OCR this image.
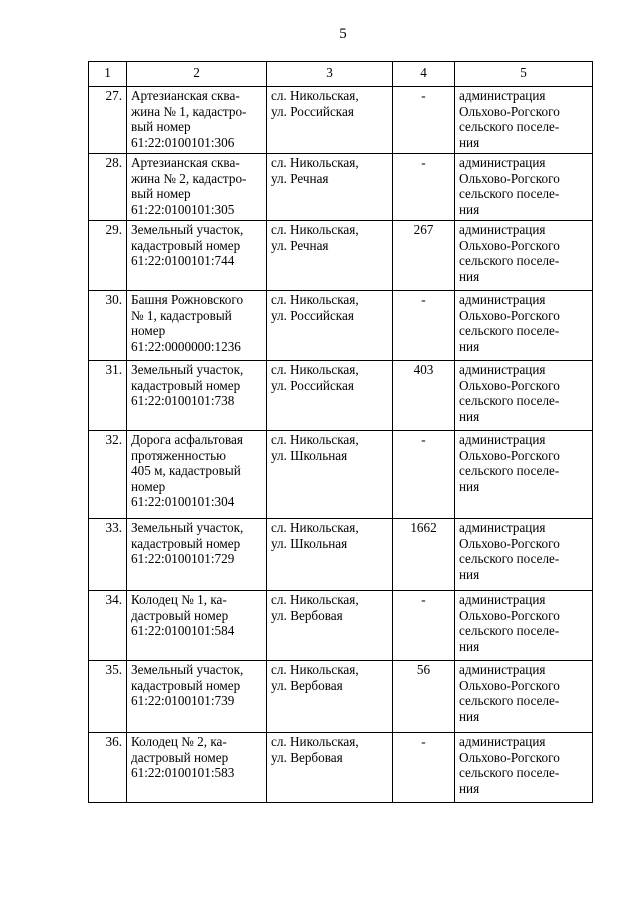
5
1	2	3	4	5
27.	Артезианская сква-
жина № 1, кадастро-
вый номер
61:22:0100101:306	сл. Никольская,
ул. Российская	-	администрация
Ольхово-Рогского
сельского поселе-
ния
28.	Артезианская сква-
жина № 2, кадастро-
вый номер
61:22:0100101:305	сл. Никольская,
ул. Речная	-	администрация
Ольхово-Рогского
сельского поселе-
ния
29.	Земельный участок,
кадастровый номер
61:22:0100101:744	сл. Никольская,
ул. Речная	267	администрация
Ольхово-Рогского
сельского поселе-
ния
30.	Башня Рожновского
№ 1, кадастровый
номер
61:22:0000000:1236	сл. Никольская,
ул. Российская	-	администрация
Ольхово-Рогского
сельского поселе-
ния
31.	Земельный участок,
кадастровый номер
61:22:0100101:738	сл. Никольская,
ул. Российская	403	администрация
Ольхово-Рогского
сельского поселе-
ния
32.	Дорога асфальтовая
протяженностью
405 м, кадастровый
номер
61:22:0100101:304	сл. Никольская,
ул. Школьная	-	администрация
Ольхово-Рогского
сельского поселе-
ния
33.	Земельный участок,
кадастровый номер
61:22:0100101:729	сл. Никольская,
ул. Школьная	1662	администрация
Ольхово-Рогского
сельского поселе-
ния
34.	Колодец № 1, ка-
дастровый номер
61:22:0100101:584	сл. Никольская,
ул. Вербовая	-	администрация
Ольхово-Рогского
сельского поселе-
ния
35.	Земельный участок,
кадастровый номер
61:22:0100101:739	сл. Никольская,
ул. Вербовая	56	администрация
Ольхово-Рогского
сельского поселе-
ния
36.	Колодец № 2, ка-
дастровый номер
61:22:0100101:583	сл. Никольская,
ул. Вербовая	-	администрация
Ольхово-Рогского
сельского поселе-
ния
